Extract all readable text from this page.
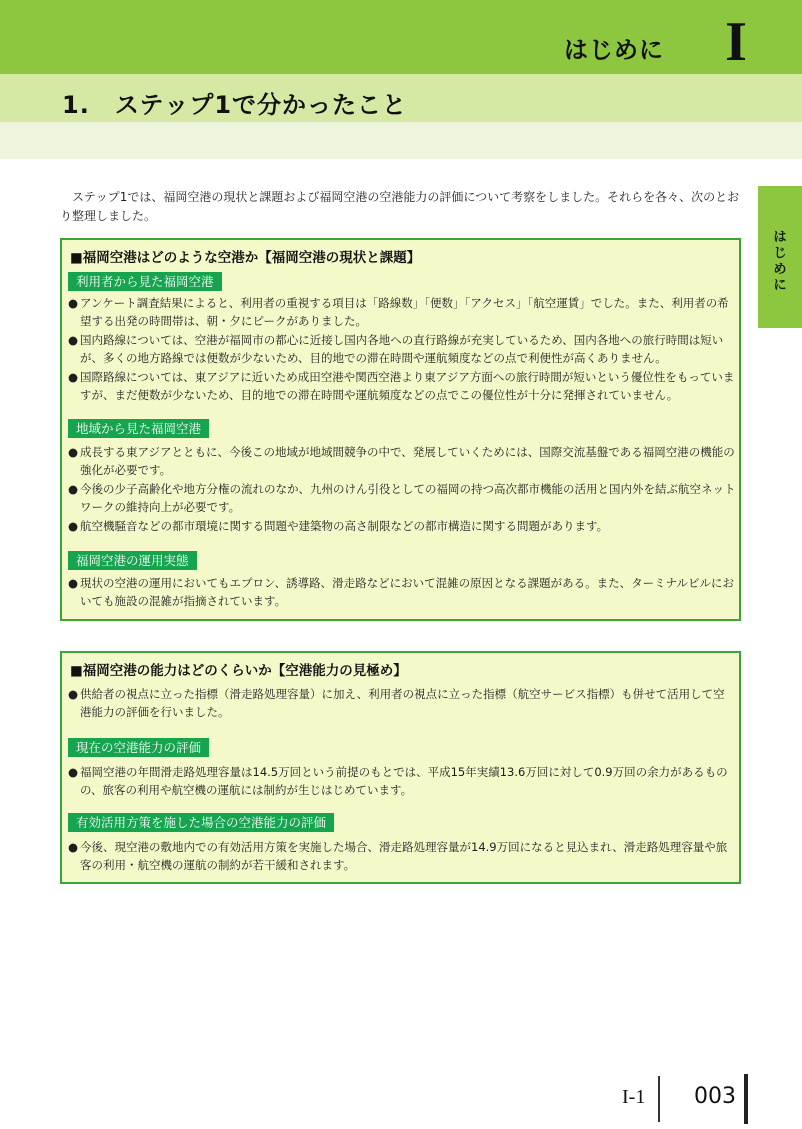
はじめに I
1.　ステップ1で分かったこと
は
じ
め
に

ステップ1では、福岡空港の現状と課題および福岡空港の空港能力の評価について考察をしました。それらを各々、次のとおり整理しました。

■福岡空港はどのような空港か【福岡空港の現状と課題】
利用者から見た福岡空港
● アンケート調査結果によると、利用者の重視する項目は「路線数」「便数」「アクセス」「航空運賃」でした。また、利用者の希望する出発の時間帯は、朝・夕にピークがありました。
● 国内路線については、空港が福岡市の都心に近接し国内各地への直行路線が充実しているため、国内各地への旅行時間は短いが、多くの地方路線では便数が少ないため、目的地での滞在時間や運航頻度などの点で利便性が高くありません。
● 国際路線については、東アジアに近いため成田空港や関西空港より東アジア方面への旅行時間が短いという優位性をもっていますが、まだ便数が少ないため、目的地での滞在時間や運航頻度などの点でこの優位性が十分に発揮されていません。
地域から見た福岡空港
● 成長する東アジアとともに、今後この地域が地域間競争の中で、発展していくためには、国際交流基盤である福岡空港の機能の強化が必要です。
● 今後の少子高齢化や地方分権の流れのなか、九州のけん引役としての福岡の持つ高次都市機能の活用と国内外を結ぶ航空ネットワークの維持向上が必要です。
● 航空機騒音などの都市環境に関する問題や建築物の高さ制限などの都市構造に関する問題があります。
福岡空港の運用実態
● 現状の空港の運用においてもエプロン、誘導路、滑走路などにおいて混雑の原因となる課題がある。また、ターミナルビルにおいても施設の混雑が指摘されています。
■福岡空港の能力はどのくらいか【空港能力の見極め】
● 供給者の視点に立った指標（滑走路処理容量）に加え、利用者の視点に立った指標（航空サービス指標）も併せて活用して空港能力の評価を行いました。
現在の空港能力の評価
● 福岡空港の年間滑走路処理容量は14.5万回という前提のもとでは、平成15年実績13.6万回に対して0.9万回の余力があるものの、旅客の利用や航空機の運航には制約が生じはじめています。
有効活用方策を施した場合の空港能力の評価
● 今後、現空港の敷地内での有効活用方策を実施した場合、滑走路処理容量が14.9万回になると見込まれ、滑走路処理容量や旅客の利用・航空機の運航の制約が若干緩和されます。
I-1 003
